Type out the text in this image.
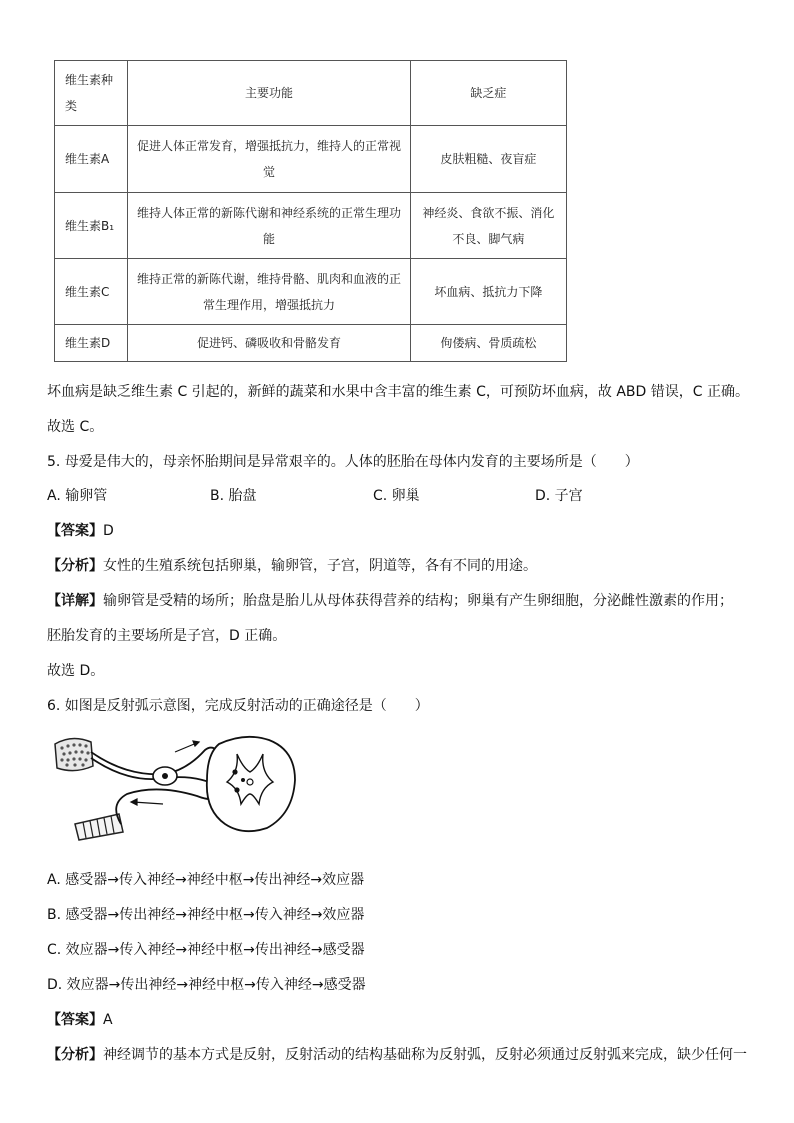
维生素种类	主要功能	缺乏症
维生素A	促进人体正常发育，增强抵抗力，维持人的正常视觉	皮肤粗糙、夜盲症
维生素B₁	维持人体正常的新陈代谢和神经系统的正常生理功能	神经炎、食欲不振、消化不良、脚气病
维生素C	维持正常的新陈代谢，维持骨骼、肌肉和血液的正常生理作用，增强抵抗力	坏血病、抵抗力下降
维生素D	促进钙、磷吸收和骨骼发育	佝偻病、骨质疏松
坏血病是缺乏维生素 C 引起的，新鲜的蔬菜和水果中含丰富的维生素 C，可预防坏血病，故 ABD 错误，C 正确。
故选 C。
5. 母爱是伟大的，母亲怀胎期间是异常艰辛的。人体的胚胎在母体内发育的主要场所是（　　）
A. 输卵管	B. 胎盘	C. 卵巢	D. 子宫
【答案】D
【分析】女性的生殖系统包括卵巢，输卵管，子宫，阴道等，各有不同的用途。
【详解】输卵管是受精的场所；胎盘是胎儿从母体获得营养的结构；卵巢有产生卵细胞，分泌雌性激素的作用；
胚胎发育的主要场所是子宫，D 正确。
故选 D。
6. 如图是反射弧示意图，完成反射活动的正确途径是（　　）
A. 感受器→传入神经→神经中枢→传出神经→效应器
B. 感受器→传出神经→神经中枢→传入神经→效应器
C. 效应器→传入神经→神经中枢→传出神经→感受器
D. 效应器→传出神经→神经中枢→传入神经→感受器
【答案】A
【分析】神经调节的基本方式是反射，反射活动的结构基础称为反射弧，反射必须通过反射弧来完成，缺少任何一
